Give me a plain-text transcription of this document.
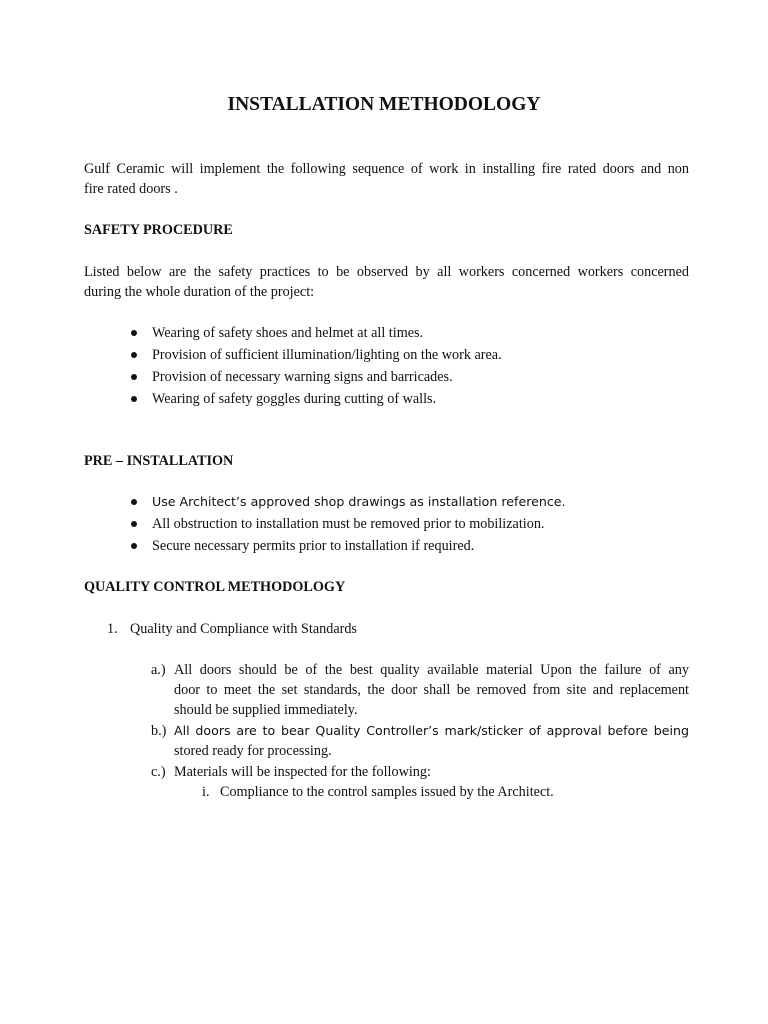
INSTALLATION METHODOLOGY
Gulf Ceramic will implement the following sequence of work in installing fire rated doors and non
fire rated doors .
SAFETY PROCEDURE
Listed below are the safety practices to be observed by all workers concerned workers concerned
during the whole duration of the project:
Wearing of safety shoes and helmet at all times.
Provision of sufficient illumination/lighting on the work area.
Provision of necessary warning signs and barricades.
Wearing of safety goggles during cutting of walls.
PRE – INSTALLATION
Use Architect’s approved shop drawings as installation reference.
All obstruction to installation must be removed prior to mobilization.
Secure necessary permits prior to installation if required.
QUALITY CONTROL METHODOLOGY
1. Quality and Compliance with Standards
a.) All doors should be of the best quality available material Upon the failure of any
door to meet the set standards, the door shall be removed from site and replacement
should be supplied immediately.
b.) All doors are to bear Quality Controller’s mark/sticker of approval before being
stored ready for processing.
c.) Materials will be inspected for the following:
i. Compliance to the control samples issued by the Architect.
